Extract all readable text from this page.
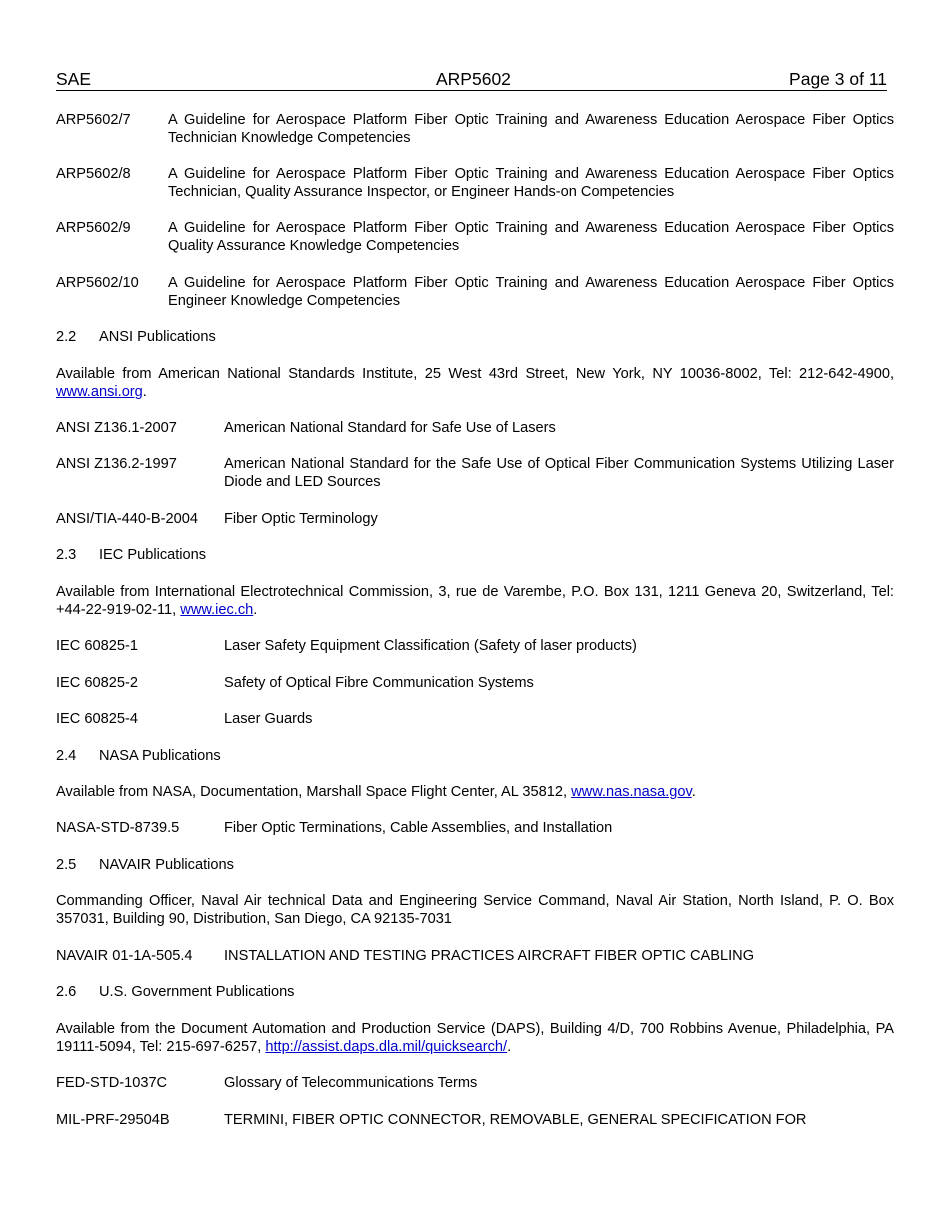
SAE	ARP5602	Page 3 of 11
ARP5602/7	A Guideline for Aerospace Platform Fiber Optic Training and Awareness Education Aerospace Fiber Optics Technician Knowledge Competencies
ARP5602/8	A Guideline for Aerospace Platform Fiber Optic Training and Awareness Education Aerospace Fiber Optics Technician, Quality Assurance Inspector, or Engineer Hands-on Competencies
ARP5602/9	A Guideline for Aerospace Platform Fiber Optic Training and Awareness Education Aerospace Fiber Optics Quality Assurance Knowledge Competencies
ARP5602/10	A Guideline for Aerospace Platform Fiber Optic Training and Awareness Education Aerospace Fiber Optics Engineer Knowledge Competencies
2.2	ANSI Publications
Available from American National Standards Institute, 25 West 43rd Street, New York, NY 10036-8002, Tel: 212-642-4900, www.ansi.org.
ANSI Z136.1-2007	American National Standard for Safe Use of Lasers
ANSI Z136.2-1997	American National Standard for the Safe Use of Optical Fiber Communication Systems Utilizing Laser Diode and LED Sources
ANSI/TIA-440-B-2004	Fiber Optic Terminology
2.3	IEC Publications
Available from International Electrotechnical Commission, 3, rue de Varembe, P.O. Box 131, 1211 Geneva 20, Switzerland, Tel: +44-22-919-02-11, www.iec.ch.
IEC 60825-1	Laser Safety Equipment Classification (Safety of laser products)
IEC 60825-2	Safety of Optical Fibre Communication Systems
IEC 60825-4	Laser Guards
2.4	NASA Publications
Available from NASA, Documentation, Marshall Space Flight Center, AL 35812, www.nas.nasa.gov.
NASA-STD-8739.5	Fiber Optic Terminations, Cable Assemblies, and Installation
2.5	NAVAIR Publications
Commanding Officer, Naval Air technical Data and Engineering Service Command, Naval Air Station, North Island, P. O. Box 357031, Building 90, Distribution, San Diego, CA 92135-7031
NAVAIR 01-1A-505.4	INSTALLATION AND TESTING PRACTICES AIRCRAFT FIBER OPTIC CABLING
2.6	U.S. Government Publications
Available from the Document Automation and Production Service (DAPS), Building 4/D, 700 Robbins Avenue, Philadelphia, PA 19111-5094, Tel: 215-697-6257, http://assist.daps.dla.mil/quicksearch/.
FED-STD-1037C	Glossary of Telecommunications Terms
MIL-PRF-29504B	TERMINI, FIBER OPTIC CONNECTOR, REMOVABLE, GENERAL SPECIFICATION FOR
